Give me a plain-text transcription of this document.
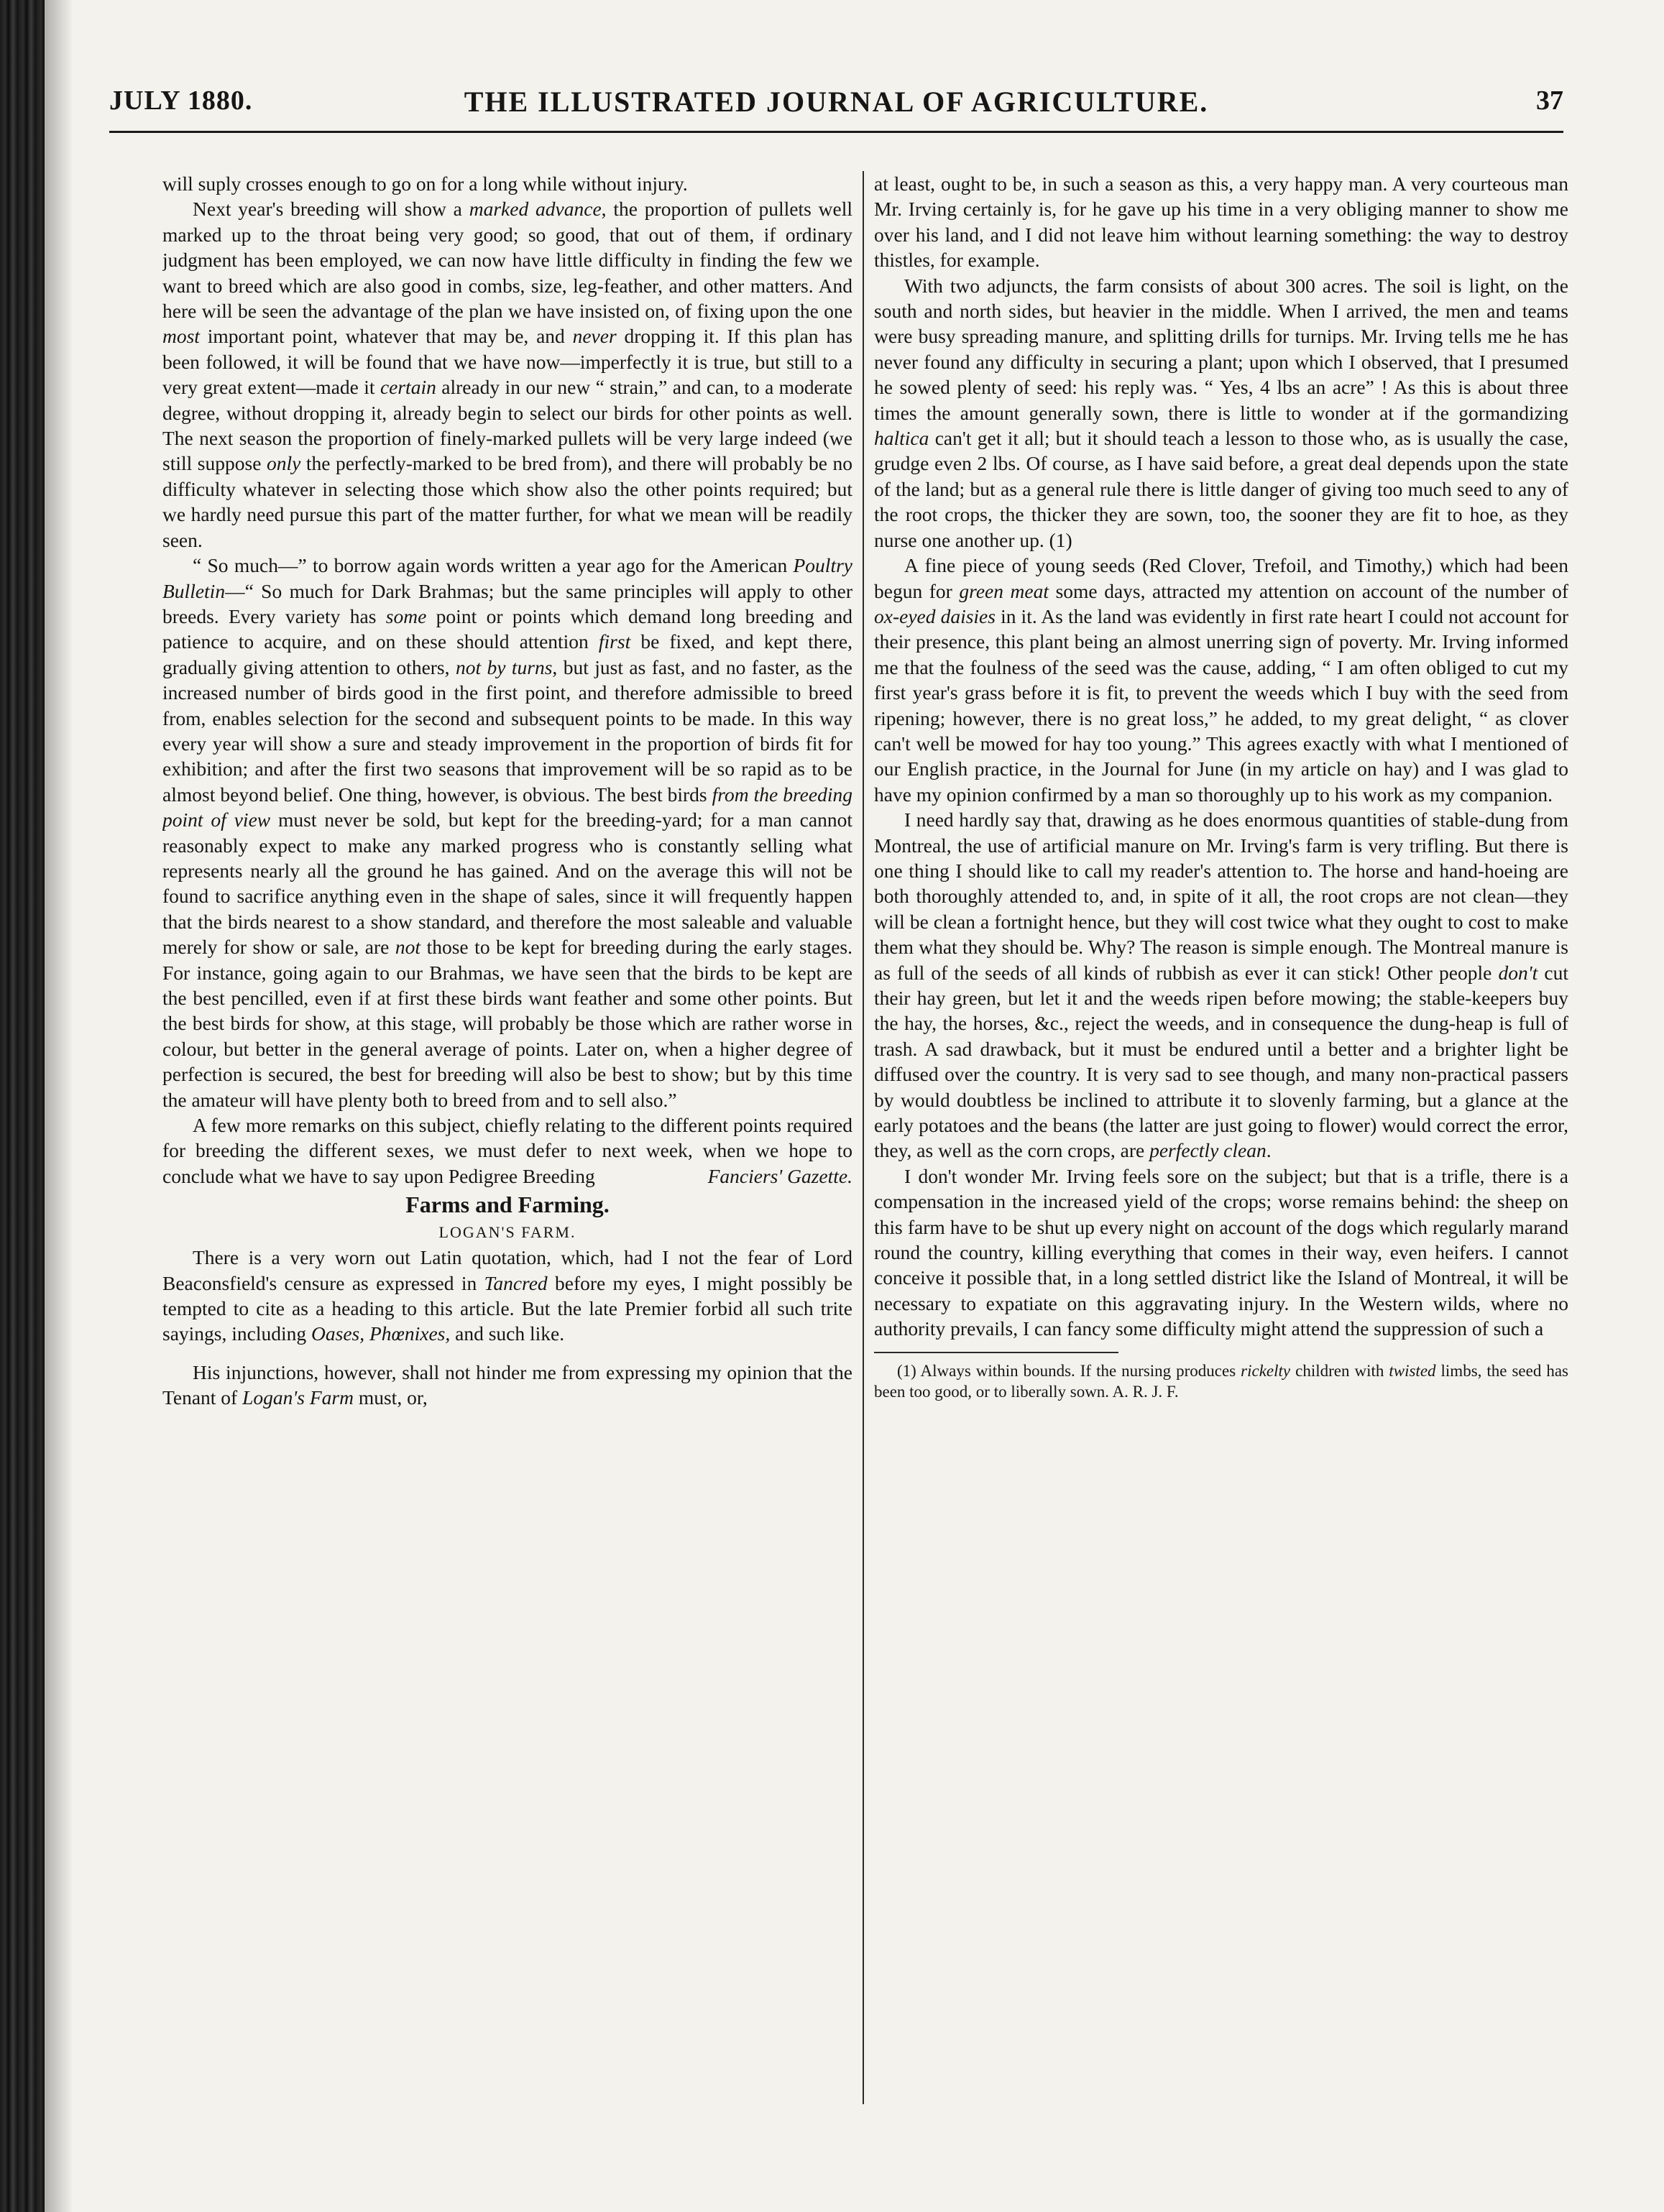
JULY 1880.	THE ILLUSTRATED JOURNAL OF AGRICULTURE.	37

will suply crosses enough to go on for a long while without injury.

Next year's breeding will show a marked advance, the proportion of pullets well marked up to the throat being very good; so good, that out of them, if ordinary judgment has been employed, we can now have little difficulty in finding the few we want to breed which are also good in combs, size, leg-feather, and other matters. And here will be seen the advantage of the plan we have insisted on, of fixing upon the one most important point, whatever that may be, and never dropping it. If this plan has been followed, it will be found that we have now—imperfectly it is true, but still to a very great extent—made it certain already in our new “ strain,” and can, to a moderate degree, without dropping it, already begin to select our birds for other points as well. The next season the proportion of finely-marked pullets will be very large indeed (we still suppose only the perfectly-marked to be bred from), and there will probably be no difficulty whatever in selecting those which show also the other points required; but we hardly need pursue this part of the matter further, for what we mean will be readily seen.

“ So much—” to borrow again words written a year ago for the American Poultry Bulletin—“ So much for Dark Brahmas; but the same principles will apply to other breeds. Every variety has some point or points which demand long breeding and patience to acquire, and on these should attention first be fixed, and kept there, gradually giving attention to others, not by turns, but just as fast, and no faster, as the increased number of birds good in the first point, and therefore admissible to breed from, enables selection for the second and subsequent points to be made. In this way every year will show a sure and steady improvement in the proportion of birds fit for exhibition; and after the first two seasons that improvement will be so rapid as to be almost beyond belief. One thing, however, is obvious. The best birds from the breeding point of view must never be sold, but kept for the breeding-yard; for a man cannot reasonably expect to make any marked progress who is constantly selling what represents nearly all the ground he has gained. And on the average this will not be found to sacrifice anything even in the shape of sales, since it will frequently happen that the birds nearest to a show standard, and therefore the most saleable and valuable merely for show or sale, are not those to be kept for breeding during the early stages. For instance, going again to our Brahmas, we have seen that the birds to be kept are the best pencilled, even if at first these birds want feather and some other points. But the best birds for show, at this stage, will probably be those which are rather worse in colour, but better in the general average of points. Later on, when a higher degree of perfection is secured, the best for breeding will also be best to show; but by this time the amateur will have plenty both to breed from and to sell also.”

A few more remarks on this subject, chiefly relating to the different points required for breeding the different sexes, we must defer to next week, when we hope to conclude what we have to say upon Pedigree Breeding	Fanciers' Gazette.

Farms and Farming.

LOGAN'S FARM.

There is a very worn out Latin quotation, which, had I not the fear of Lord Beaconsfield's censure as expressed in Tancred before my eyes, I might possibly be tempted to cite as a heading to this article. But the late Premier forbid all such trite sayings, including Oases, Phœnixes, and such like.

His injunctions, however, shall not hinder me from expressing my opinion that the Tenant of Logan's Farm must, or,

at least, ought to be, in such a season as this, a very happy man. A very courteous man Mr. Irving certainly is, for he gave up his time in a very obliging manner to show me over his land, and I did not leave him without learning something: the way to destroy thistles, for example.

With two adjuncts, the farm consists of about 300 acres. The soil is light, on the south and north sides, but heavier in the middle. When I arrived, the men and teams were busy spreading manure, and splitting drills for turnips. Mr. Irving tells me he has never found any difficulty in securing a plant; upon which I observed, that I presumed he sowed plenty of seed: his reply was. “ Yes, 4 lbs an acre” ! As this is about three times the amount generally sown, there is little to wonder at if the gormandizing haltica can't get it all; but it should teach a lesson to those who, as is usually the case, grudge even 2 lbs. Of course, as I have said before, a great deal depends upon the state of the land; but as a general rule there is little danger of giving too much seed to any of the root crops, the thicker they are sown, too, the sooner they are fit to hoe, as they nurse one another up. (1)

A fine piece of young seeds (Red Clover, Trefoil, and Timothy,) which had been begun for green meat some days, attracted my attention on account of the number of ox-eyed daisies in it. As the land was evidently in first rate heart I could not account for their presence, this plant being an almost unerring sign of poverty. Mr. Irving informed me that the foulness of the seed was the cause, adding, “ I am often obliged to cut my first year's grass before it is fit, to prevent the weeds which I buy with the seed from ripening; however, there is no great loss,” he added, to my great delight, “ as clover can't well be mowed for hay too young.” This agrees exactly with what I mentioned of our English practice, in the Journal for June (in my article on hay) and I was glad to have my opinion confirmed by a man so thoroughly up to his work as my companion.

I need hardly say that, drawing as he does enormous quantities of stable-dung from Montreal, the use of artificial manure on Mr. Irving's farm is very trifling. But there is one thing I should like to call my reader's attention to. The horse and hand-hoeing are both thoroughly attended to, and, in spite of it all, the root crops are not clean—they will be clean a fortnight hence, but they will cost twice what they ought to cost to make them what they should be. Why? The reason is simple enough. The Montreal manure is as full of the seeds of all kinds of rubbish as ever it can stick! Other people don't cut their hay green, but let it and the weeds ripen before mowing; the stable-keepers buy the hay, the horses, &c., reject the weeds, and in consequence the dung-heap is full of trash. A sad drawback, but it must be endured until a better and a brighter light be diffused over the country. It is very sad to see though, and many non-practical passers by would doubtless be inclined to attribute it to slovenly farming, but a glance at the early potatoes and the beans (the latter are just going to flower) would correct the error, they, as well as the corn crops, are perfectly clean.

I don't wonder Mr. Irving feels sore on the subject; but that is a trifle, there is a compensation in the increased yield of the crops; worse remains behind: the sheep on this farm have to be shut up every night on account of the dogs which regularly marand round the country, killing everything that comes in their way, even heifers. I cannot conceive it possible that, in a long settled district like the Island of Montreal, it will be necessary to expatiate on this aggravating injury. In the Western wilds, where no authority prevails, I can fancy some difficulty might attend the suppression of such a

(1) Always within bounds. If the nursing produces rickelty children with twisted limbs, the seed has been too good, or to liberally sown. A. R. J. F.
